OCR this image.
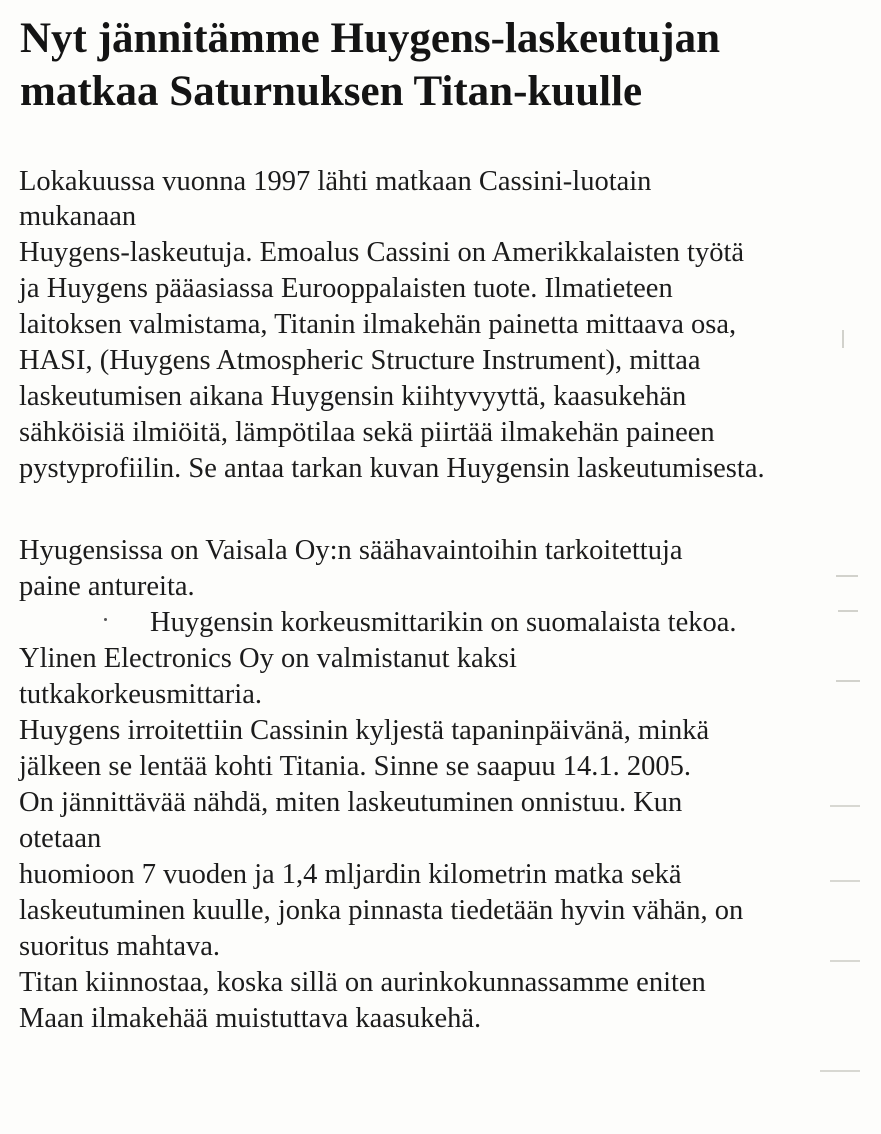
Nyt jännitämme Huygens-laskeutujan
matkaa Saturnuksen Titan-kuulle
Lokakuussa vuonna 1997 lähti matkaan Cassini-luotain
mukanaan
Huygens-laskeutuja. Emoalus Cassini on Amerikkalaisten työtä
ja Huygens pääasiassa Eurooppalaisten tuote. Ilmatieteen
laitoksen valmistama, Titanin ilmakehän painetta mittaava osa,
HASI, (Huygens Atmospheric Structure Instrument), mittaa
laskeutumisen aikana Huygensin kiihtyvyyttä, kaasukehän
sähköisiä ilmiöitä, lämpötilaa sekä piirtää ilmakehän paineen
pystyprofiilin. Se antaa tarkan kuvan Huygensin laskeutumisesta.
Hyugensissa on Vaisala Oy:n säähavaintoihin tarkoitettuja
paine antureita.
Huygensin korkeusmittarikin on suomalaista tekoa.
Ylinen Electronics Oy on valmistanut kaksi
tutkakorkeusmittaria.
Huygens irroitettiin Cassinin kyljestä tapaninpäivänä, minkä
jälkeen se lentää kohti Titania. Sinne se saapuu 14.1. 2005.
On jännittävää nähdä, miten laskeutuminen onnistuu. Kun
otetaan
huomioon 7 vuoden ja 1,4 mljardin kilometrin matka sekä
laskeutuminen kuulle, jonka pinnasta tiedetään hyvin vähän, on
suoritus mahtava.
Titan kiinnostaa, koska sillä on aurinkokunnassamme eniten
Maan ilmakehää muistuttava kaasukehä.
